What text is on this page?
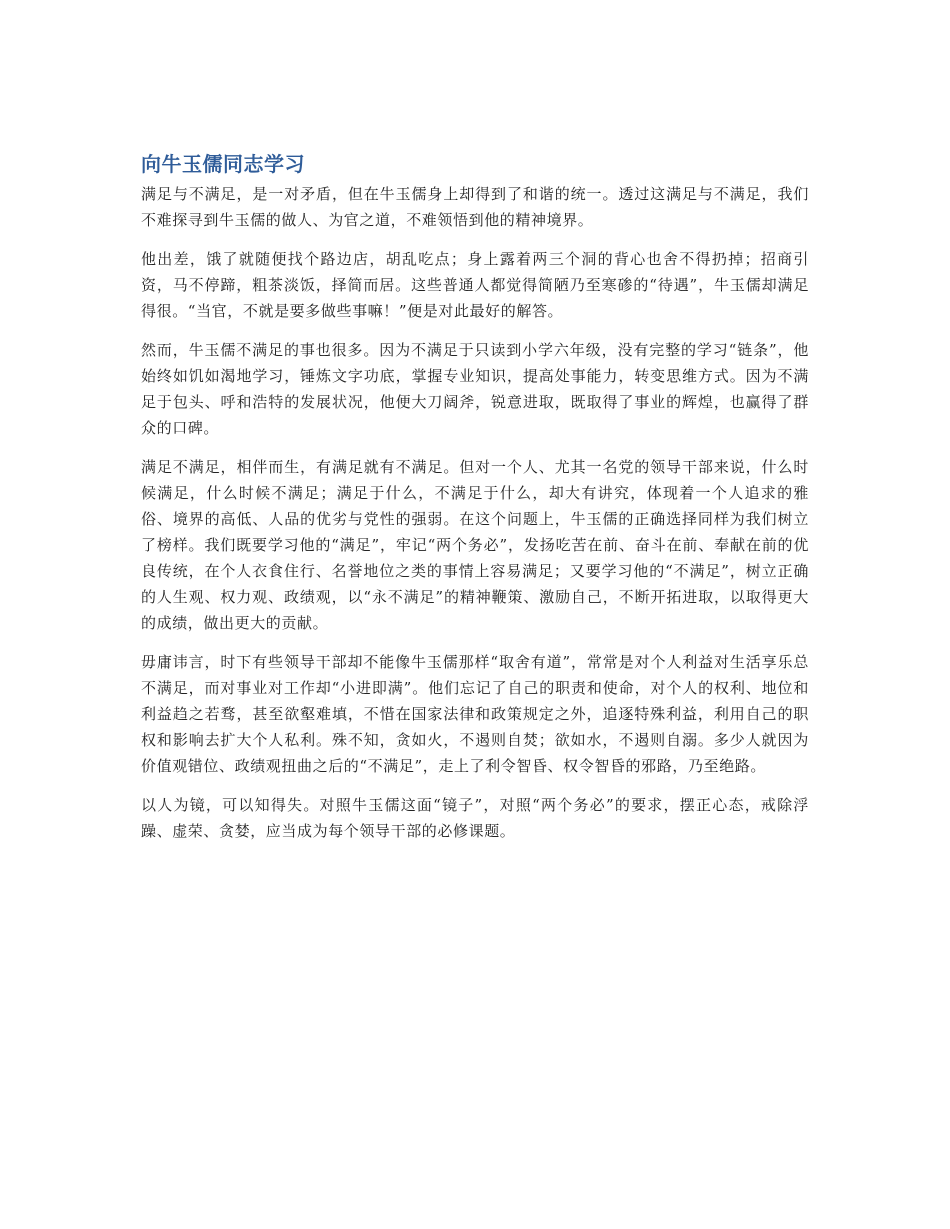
向牛玉儒同志学习

满足与不满足，是一对矛盾，但在牛玉儒身上却得到了和谐的统一。透过这满足与不满足，我们不难探寻到牛玉儒的做人、为官之道，不难领悟到他的精神境界。

他出差，饿了就随便找个路边店，胡乱吃点；身上露着两三个洞的背心也舍不得扔掉；招商引资，马不停蹄，粗茶淡饭，择简而居。这些普通人都觉得简陋乃至寒碜的“待遇”，牛玉儒却满足得很。“当官，不就是要多做些事嘛！”便是对此最好的解答。

然而，牛玉儒不满足的事也很多。因为不满足于只读到小学六年级，没有完整的学习“链条”，他始终如饥如渴地学习，锤炼文字功底，掌握专业知识，提高处事能力，转变思维方式。因为不满足于包头、呼和浩特的发展状况，他便大刀阔斧，锐意进取，既取得了事业的辉煌，也赢得了群众的口碑。

满足不满足，相伴而生，有满足就有不满足。但对一个人、尤其一名党的领导干部来说，什么时候满足，什么时候不满足；满足于什么，不满足于什么，却大有讲究，体现着一个人追求的雅俗、境界的高低、人品的优劣与党性的强弱。在这个问题上，牛玉儒的正确选择同样为我们树立了榜样。我们既要学习他的“满足”，牢记“两个务必”，发扬吃苦在前、奋斗在前、奉献在前的优良传统，在个人衣食住行、名誉地位之类的事情上容易满足；又要学习他的“不满足”，树立正确的人生观、权力观、政绩观，以“永不满足”的精神鞭策、激励自己，不断开拓进取，以取得更大的成绩，做出更大的贡献。

毋庸讳言，时下有些领导干部却不能像牛玉儒那样“取舍有道”，常常是对个人利益对生活享乐总不满足，而对事业对工作却“小进即满”。他们忘记了自己的职责和使命，对个人的权利、地位和利益趋之若骛，甚至欲壑难填，不惜在国家法律和政策规定之外，追逐特殊利益，利用自己的职权和影响去扩大个人私利。殊不知，贪如火，不遏则自焚；欲如水，不遏则自溺。多少人就因为价值观错位、政绩观扭曲之后的“不满足”，走上了利令智昏、权令智昏的邪路，乃至绝路。

以人为镜，可以知得失。对照牛玉儒这面“镜子”，对照“两个务必”的要求，摆正心态，戒除浮躁、虚荣、贪婪，应当成为每个领导干部的必修课题。
